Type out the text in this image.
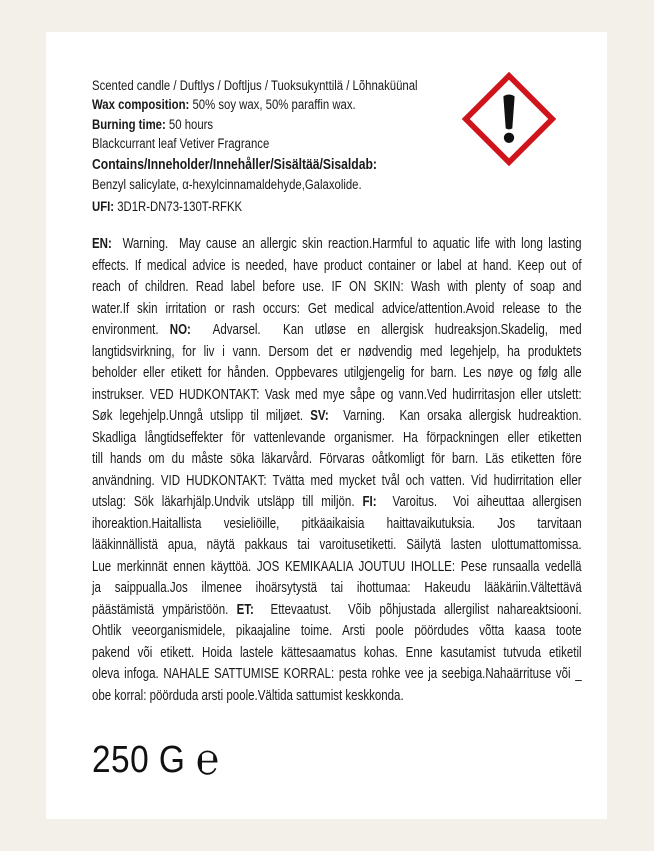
Scented candle / Duftlys / Doftljus / Tuoksukynttilä / Lõhnaküünal
Wax composition: 50% soy wax, 50% paraffin wax.
Burning time: 50 hours
Blackcurrant leaf Vetiver Fragrance
Contains/Inneholder/Innehåller/Sisältää/Sisaldab:
Benzyl salicylate, α-hexylcinnamaldehyde,Galaxolide.
UFI: 3D1R-DN73-130T-RFKK
EN:  Warning.  May cause an allergic skin reaction.Harmful to aquatic life with long lasting
effects. If medical advice is needed, have product container or label at hand. Keep out of
reach of children. Read label before use. IF ON SKIN: Wash with plenty of soap and
water.If skin irritation or rash occurs: Get medical advice/attention.Avoid release to the
environment. NO:  Advarsel.  Kan utløse en allergisk hudreaksjon.Skadelig, med
langtidsvirkning, for liv i vann. Dersom det er nødvendig med legehjelp, ha produktets
beholder eller etikett for hånden. Oppbevares utilgjengelig for barn. Les nøye og følg alle
instrukser. VED HUDKONTAKT: Vask med mye såpe og vann.Ved hudirritasjon eller utslett:
Søk legehjelp.Unngå utslipp til miljøet. SV:  Varning.  Kan orsaka allergisk hudreaktion.
Skadliga långtidseffekter för vattenlevande organismer. Ha förpackningen eller etiketten
till hands om du måste söka läkarvård. Förvaras oåtkomligt för barn. Läs etiketten före
användning. VID HUDKONTAKT: Tvätta med mycket tvål och vatten. Vid hudirritation eller
utslag: Sök läkarhjälp.Undvik utsläpp till miljön. FI:  Varoitus.  Voi aiheuttaa allergisen
ihoreaktion.Haitallista vesieliöille, pitkäaikaisia haittavaikutuksia. Jos tarvitaan
lääkinnällistä apua, näytä pakkaus tai varoitusetiketti. Säilytä lasten ulottumattomissa.
Lue merkinnät ennen käyttöä. JOS KEMIKAALIA JOUTUU IHOLLE: Pese runsaalla vedellä
ja saippualla.Jos ilmenee ihoärsytystä tai ihottumaa: Hakeudu lääkäriin.Vältettävä
päästämistä ympäristöön. ET:  Ettevaatust.  Võib põhjustada allergilist nahareaktsiooni.
Ohtlik veeorganismidele, pikaajaline toime. Arsti poole pöördudes võtta kaasa toote
pakend või etikett. Hoida lastele kättesaamatus kohas. Enne kasutamist tutvuda etiketil
oleva infoga. NAHALE SATTUMISE KORRAL: pesta rohke vee ja seebiga.Nahaärrituse või _
obe korral: pöörduda arsti poole.Vältida sattumist keskkonda.
250 G ℮
